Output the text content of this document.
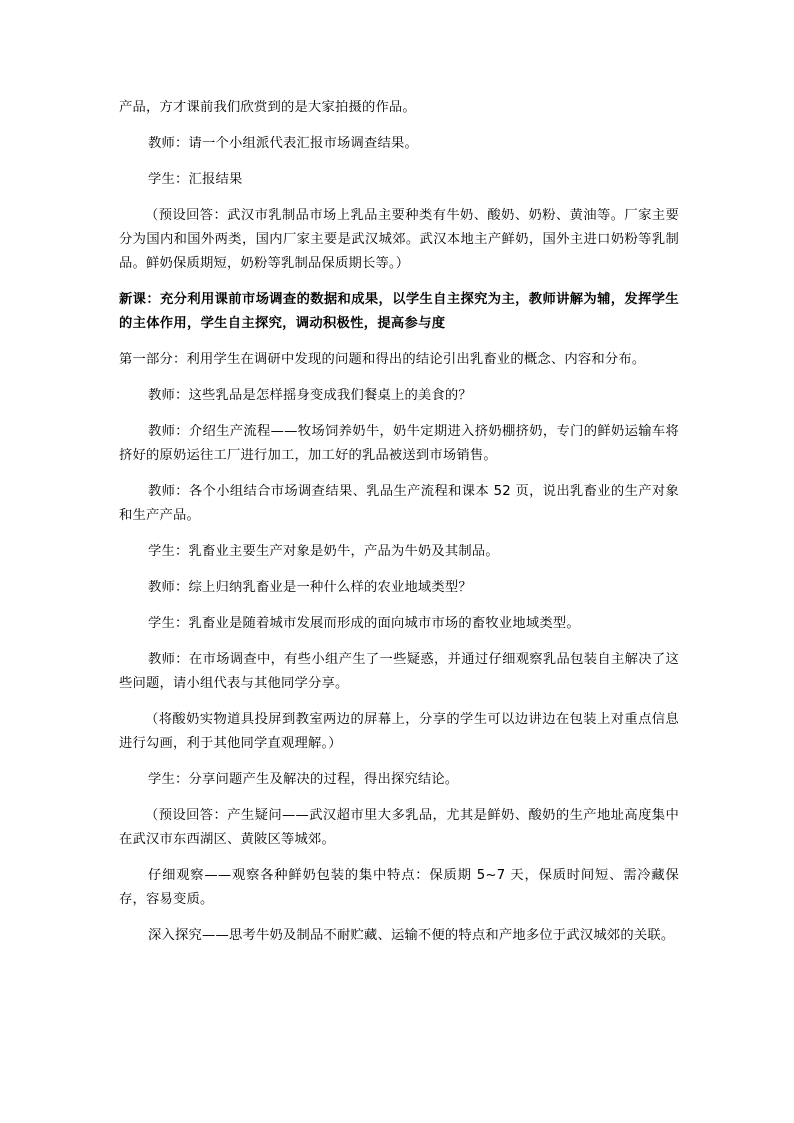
产品，方才课前我们欣赏到的是大家拍摄的作品。

教师：请一个小组派代表汇报市场调查结果。

学生：汇报结果

（预设回答：武汉市乳制品市场上乳品主要种类有牛奶、酸奶、奶粉、黄油等。厂家主要分为国内和国外两类，国内厂家主要是武汉城郊。武汉本地主产鲜奶，国外主进口奶粉等乳制品。鲜奶保质期短，奶粉等乳制品保质期长等。）

新课：充分利用课前市场调查的数据和成果，以学生自主探究为主，教师讲解为辅，发挥学生的主体作用，学生自主探究，调动积极性，提高参与度

第一部分：利用学生在调研中发现的问题和得出的结论引出乳畜业的概念、内容和分布。

教师：这些乳品是怎样摇身变成我们餐桌上的美食的？

教师：介绍生产流程——牧场饲养奶牛，奶牛定期进入挤奶棚挤奶，专门的鲜奶运输车将挤好的原奶运往工厂进行加工，加工好的乳品被送到市场销售。

教师：各个小组结合市场调查结果、乳品生产流程和课本 52 页，说出乳畜业的生产对象和生产产品。

学生：乳畜业主要生产对象是奶牛，产品为牛奶及其制品。

教师：综上归纳乳畜业是一种什么样的农业地域类型？

学生：乳畜业是随着城市发展而形成的面向城市市场的畜牧业地域类型。

教师：在市场调查中，有些小组产生了一些疑惑，并通过仔细观察乳品包装自主解决了这些问题，请小组代表与其他同学分享。

（将酸奶实物道具投屏到教室两边的屏幕上，分享的学生可以边讲边在包装上对重点信息进行勾画，利于其他同学直观理解。）

学生：分享问题产生及解决的过程，得出探究结论。

（预设回答：产生疑问——武汉超市里大多乳品，尤其是鲜奶、酸奶的生产地址高度集中在武汉市东西湖区、黄陂区等城郊。

仔细观察——观察各种鲜奶包装的集中特点：保质期 5~7 天，保质时间短、需冷藏保存，容易变质。

深入探究——思考牛奶及制品不耐贮藏、运输不便的特点和产地多位于武汉城郊的关联。
